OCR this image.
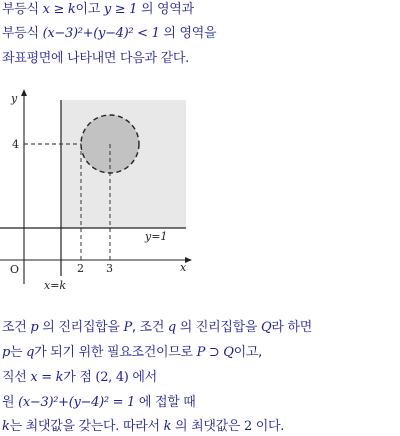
부등식 x ≥ k이고 y ≥ 1 의 영역과
부등식 (x−3)²+(y−4)² < 1 의 영역을
좌표평면에 나타내면 다음과 같다.
y
x
4
O	2 3
y=1
x=k
조건 p 의 진리집합을 P, 조건 q 의 진리집합을 Q라 하면
p는 q가 되기 위한 필요조건이므로 P ⊃ Q이고,
직선 x = k가 점 (2, 4) 에서
원 (x−3)²+(y−4)² = 1 에 접할 때
k는 최댓값을 갖는다. 따라서 k 의 최댓값은 2 이다.
